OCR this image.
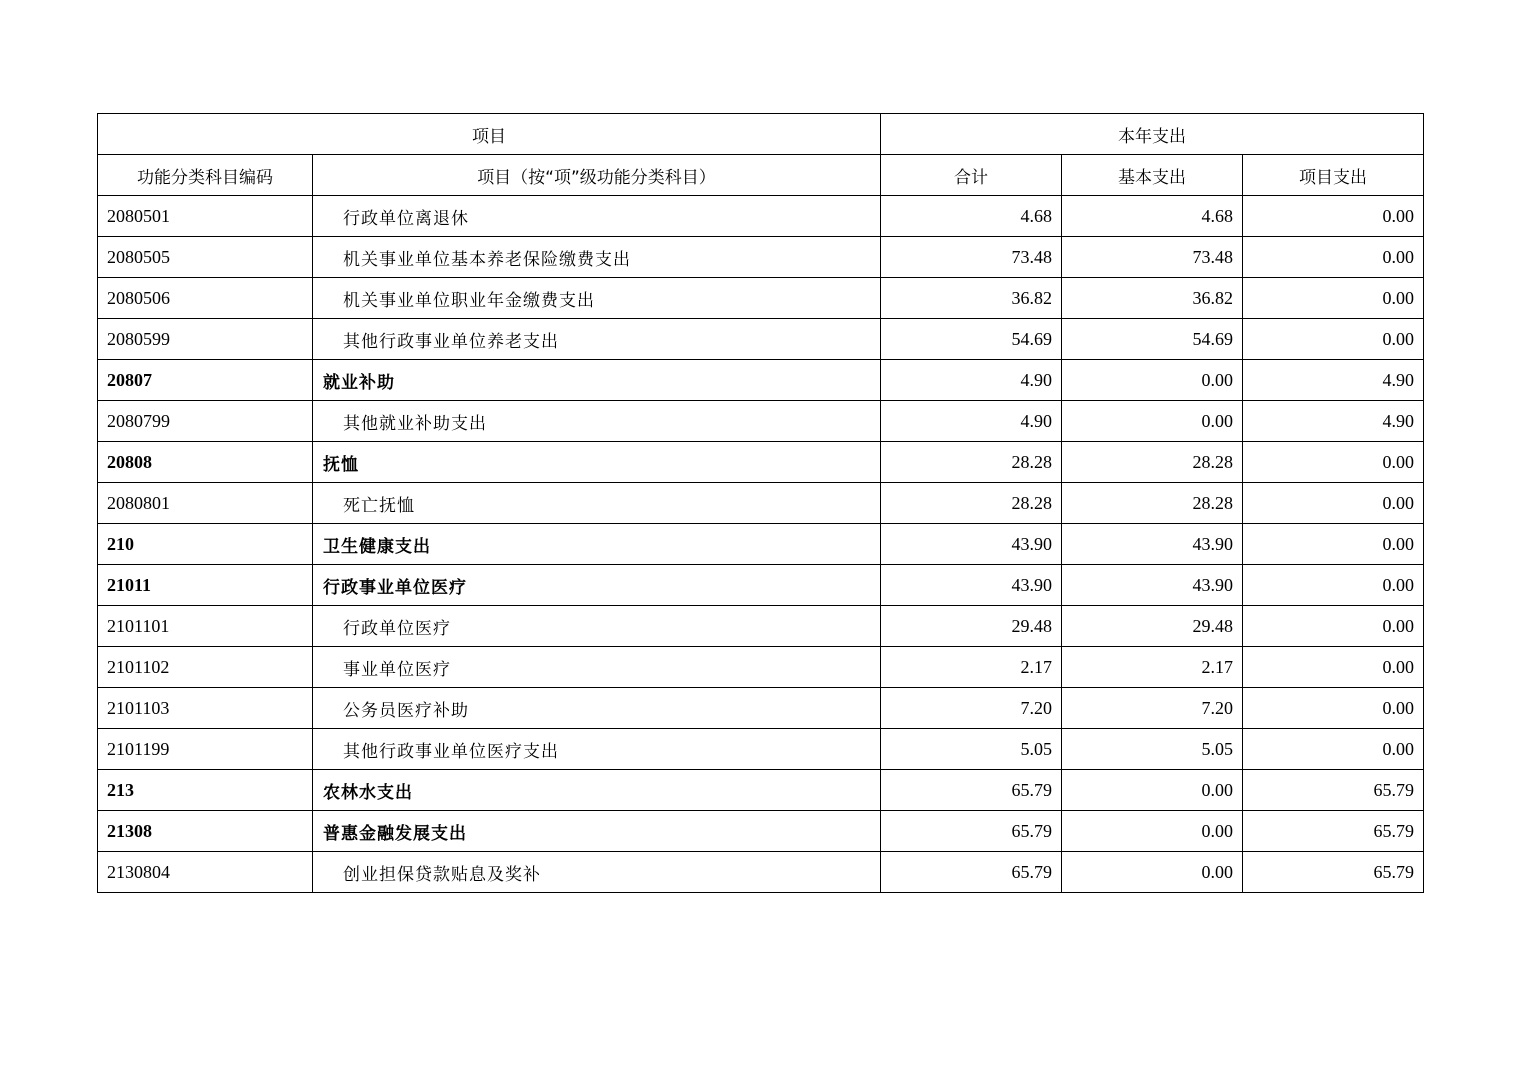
项目		本年支出		
功能分类科目编码	项目（按“项”级功能分类科目）	合计	基本支出	项目支出
2080501	行政单位离退休	4.68	4.68	0.00
2080505	机关事业单位基本养老保险缴费支出	73.48	73.48	0.00
2080506	机关事业单位职业年金缴费支出	36.82	36.82	0.00
2080599	其他行政事业单位养老支出	54.69	54.69	0.00
20807	就业补助	4.90	0.00	4.90
2080799	其他就业补助支出	4.90	0.00	4.90
20808	抚恤	28.28	28.28	0.00
2080801	死亡抚恤	28.28	28.28	0.00
210	卫生健康支出	43.90	43.90	0.00
21011	行政事业单位医疗	43.90	43.90	0.00
2101101	行政单位医疗	29.48	29.48	0.00
2101102	事业单位医疗	2.17	2.17	0.00
2101103	公务员医疗补助	7.20	7.20	0.00
2101199	其他行政事业单位医疗支出	5.05	5.05	0.00
213	农林水支出	65.79	0.00	65.79
21308	普惠金融发展支出	65.79	0.00	65.79
2130804	创业担保贷款贴息及奖补	65.79	0.00	65.79
